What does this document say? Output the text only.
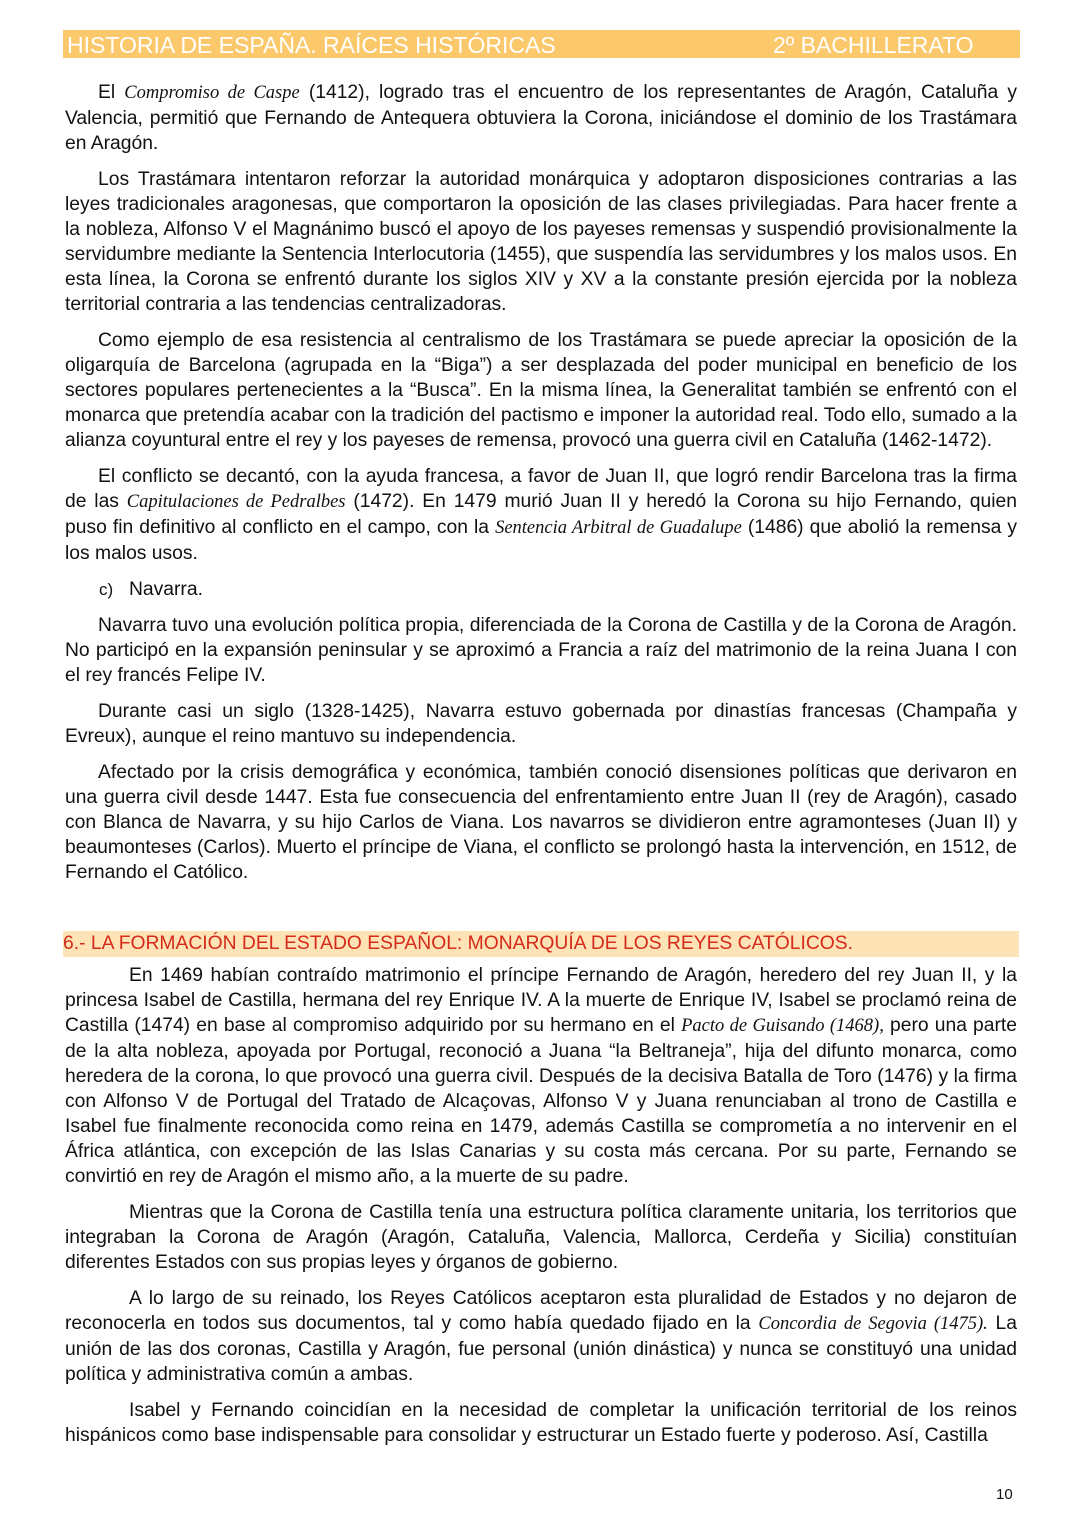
HISTORIA DE ESPAÑA. RAÍCES HISTÓRICAS	2º BACHILLERATO

El Compromiso de Caspe (1412), logrado tras el encuentro de los representantes de Aragón, Cataluña y Valencia, permitió que Fernando de Antequera obtuviera la Corona, iniciándose el dominio de los Trastámara en Aragón.

Los Trastámara intentaron reforzar la autoridad monárquica y adoptaron disposiciones contrarias a las leyes tradicionales aragonesas, que comportaron la oposición de las clases privilegiadas. Para hacer frente a la nobleza, Alfonso V el Magnánimo buscó el apoyo de los payeses remensas y suspendió provisionalmente la servidumbre mediante la Sentencia Interlocutoria (1455), que suspendía las servidumbres y los malos usos. En esta línea, la Corona se enfrentó durante los siglos XIV y XV a la constante presión ejercida por la nobleza territorial contraria a las tendencias centralizadoras.

Como ejemplo de esa resistencia al centralismo de los Trastámara se puede apreciar la oposición de la oligarquía de Barcelona (agrupada en la “Biga”) a ser desplazada del poder municipal en beneficio de los sectores populares pertenecientes a la “Busca”. En la misma línea, la Generalitat también se enfrentó con el monarca que pretendía acabar con la tradición del pactismo e imponer la autoridad real. Todo ello, sumado a la alianza coyuntural entre el rey y los payeses de remensa, provocó una guerra civil en Cataluña (1462-1472).

El conflicto se decantó, con la ayuda francesa, a favor de Juan II, que logró rendir Barcelona tras la firma de las Capitulaciones de Pedralbes (1472). En 1479 murió Juan II y heredó la Corona su hijo Fernando, quien puso fin definitivo al conflicto en el campo, con la Sentencia Arbitral de Guadalupe (1486) que abolió la remensa y los malos usos.

c) Navarra.

Navarra tuvo una evolución política propia, diferenciada de la Corona de Castilla y de la Corona de Aragón. No participó en la expansión peninsular y se aproximó a Francia a raíz del matrimonio de la reina Juana I con el rey francés Felipe IV.

Durante casi un siglo (1328-1425), Navarra estuvo gobernada por dinastías francesas (Champaña y Evreux), aunque el reino mantuvo su independencia.

Afectado por la crisis demográfica y económica, también conoció disensiones políticas que derivaron en una guerra civil desde 1447. Esta fue consecuencia del enfrentamiento entre Juan II (rey de Aragón), casado con Blanca de Navarra, y su hijo Carlos de Viana. Los navarros se dividieron entre agramonteses (Juan II) y beaumonteses (Carlos). Muerto el príncipe de Viana, el conflicto se prolongó hasta la intervención, en 1512, de Fernando el Católico.

6.- LA FORMACIÓN DEL ESTADO ESPAÑOL: MONARQUÍA DE LOS REYES CATÓLICOS.

En 1469 habían contraído matrimonio el príncipe Fernando de Aragón, heredero del rey Juan II, y la princesa Isabel de Castilla, hermana del rey Enrique IV. A la muerte de Enrique IV, Isabel se proclamó reina de Castilla (1474) en base al compromiso adquirido por su hermano en el Pacto de Guisando (1468), pero una parte de la alta nobleza, apoyada por Portugal, reconoció a Juana “la Beltraneja”, hija del difunto monarca, como heredera de la corona, lo que provocó una guerra civil. Después de la decisiva Batalla de Toro (1476) y la firma con Alfonso V de Portugal del Tratado de Alcaçovas, Alfonso V y Juana renunciaban al trono de Castilla e Isabel fue finalmente reconocida como reina en 1479, además Castilla se comprometía a no intervenir en el África atlántica, con excepción de las Islas Canarias y su costa más cercana. Por su parte, Fernando se convirtió en rey de Aragón el mismo año, a la muerte de su padre.

Mientras que la Corona de Castilla tenía una estructura política claramente unitaria, los territorios que integraban la Corona de Aragón (Aragón, Cataluña, Valencia, Mallorca, Cerdeña y Sicilia) constituían diferentes Estados con sus propias leyes y órganos de gobierno.

A lo largo de su reinado, los Reyes Católicos aceptaron esta pluralidad de Estados y no dejaron de reconocerla en todos sus documentos, tal y como había quedado fijado en la Concordia de Segovia (1475). La unión de las dos coronas, Castilla y Aragón, fue personal (unión dinástica) y nunca se constituyó una unidad política y administrativa común a ambas.

Isabel y Fernando coincidían en la necesidad de completar la unificación territorial de los reinos hispánicos como base indispensable para consolidar y estructurar un Estado fuerte y poderoso. Así, Castilla

10
